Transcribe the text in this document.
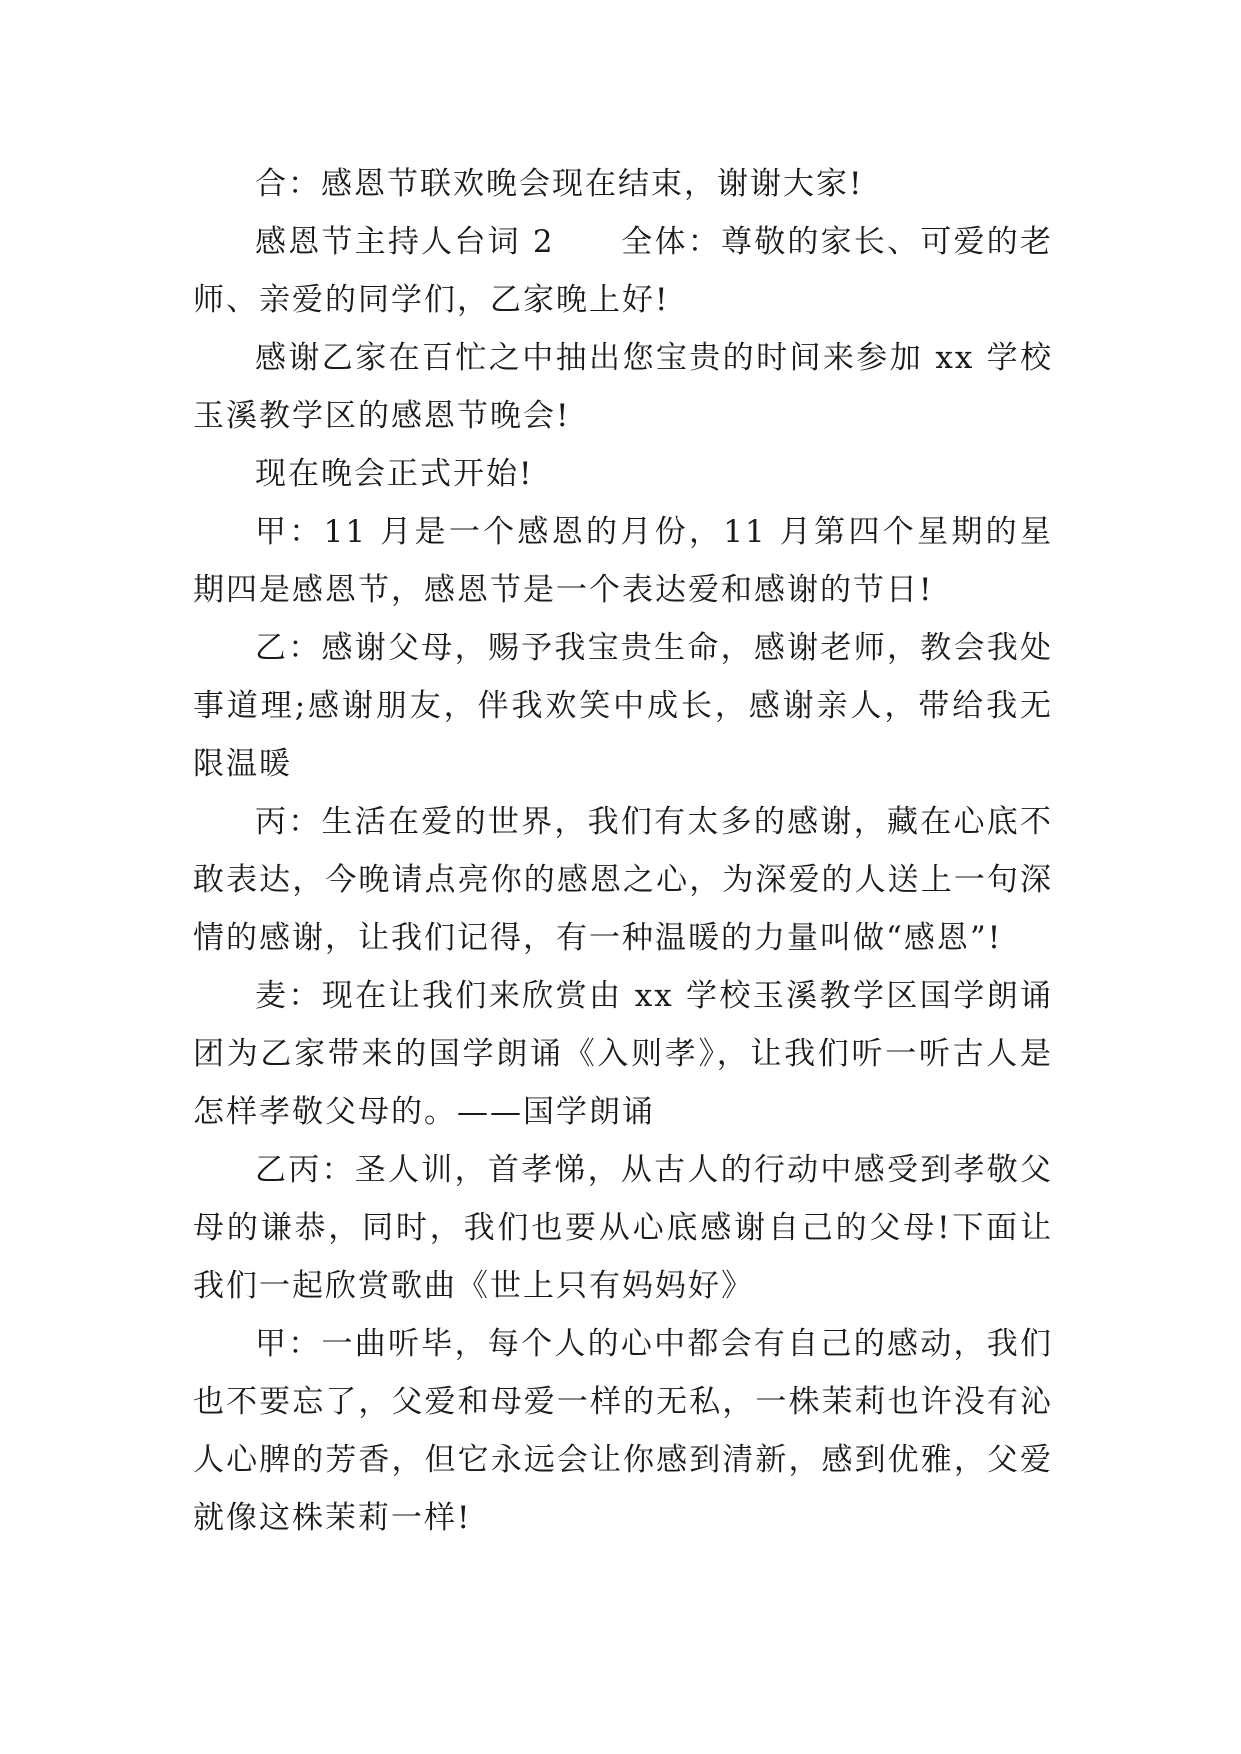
合：感恩节联欢晚会现在结束，谢谢大家!

感恩节主持人台词 2　　全体：尊敬的家长、可爱的老师、亲爱的同学们，乙家晚上好!

感谢乙家在百忙之中抽出您宝贵的时间来参加 xx 学校玉溪教学区的感恩节晚会!

现在晚会正式开始!

甲：11 月是一个感恩的月份，11 月第四个星期的星期四是感恩节，感恩节是一个表达爱和感谢的节日!

乙：感谢父母，赐予我宝贵生命，感谢老师，教会我处事道理;感谢朋友，伴我欢笑中成长，感谢亲人，带给我无限温暖

丙：生活在爱的世界，我们有太多的感谢，藏在心底不敢表达，今晚请点亮你的感恩之心，为深爱的人送上一句深情的感谢，让我们记得，有一种温暖的力量叫做“感恩”!

麦：现在让我们来欣赏由 xx 学校玉溪教学区国学朗诵团为乙家带来的国学朗诵《入则孝》，让我们听一听古人是怎样孝敬父母的。——国学朗诵

乙丙：圣人训，首孝悌，从古人的行动中感受到孝敬父母的谦恭，同时，我们也要从心底感谢自己的父母!下面让我们一起欣赏歌曲《世上只有妈妈好》

甲：一曲听毕，每个人的心中都会有自己的感动，我们也不要忘了，父爱和母爱一样的无私，一株茉莉也许没有沁人心脾的芳香，但它永远会让你感到清新，感到优雅，父爱就像这株茉莉一样!
